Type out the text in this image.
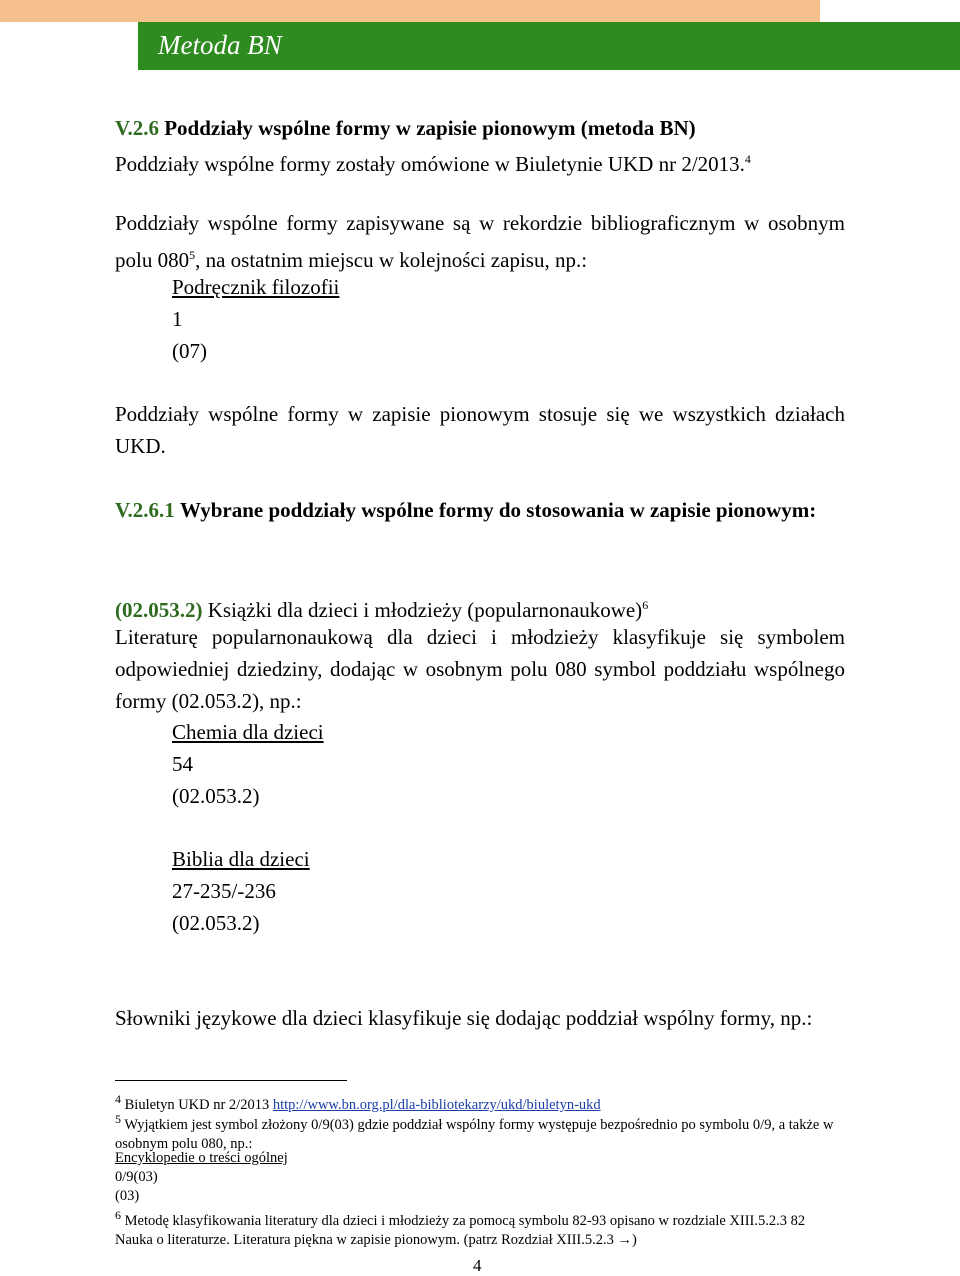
Metoda BN
V.2.6 Poddziały wspólne formy w zapisie pionowym (metoda BN)
Poddziały wspólne formy zostały omówione w Biuletynie UKD nr 2/2013.$^4$
Poddziały wspólne formy zapisywane są w rekordzie bibliograficznym w osobnym polu $080^5$, na ostatnim miejscu w kolejności zapisu, np.:
Podręcznik filozofii
1
(07)
Poddziały wspólne formy w zapisie pionowym stosuje się we wszystkich działach UKD.
V.2.6.1 Wybrane poddziały wspólne formy do stosowania w zapisie pionowym:
(02.053.2) Książki dla dzieci i młodzieży (popularnonaukowe)$^6$
Literaturę popularnonaukową dla dzieci i młodzieży klasyfikuje się symbolem odpowiedniej dziedziny, dodając w osobnym polu 080 symbol poddziału wspólnego formy (02.053.2), np.:
Chemia dla dzieci
54
(02.053.2)
Biblia dla dzieci
27-235/-236
(02.053.2)
Słowniki językowe dla dzieci klasyfikuje się dodając poddział wspólny formy, np.:
$^4$ Biuletyn UKD nr 2/2013 http://www.bn.org.pl/dla-bibliotekarzy/ukd/biuletyn-ukd
$^5$ Wyjątkiem jest symbol złożony 0/9(03) gdzie poddział wspólny formy występuje bezpośrednio po symbolu 0/9, a także w osobnym polu 080, np.:
Encyklopedie o treści ogólnej
0/9(03)
(03)
$^6$ Metodę klasyfikowania literatury dla dzieci i młodzieży za pomocą symbolu 82-93 opisano w rozdziale XIII.5.2.3 82 Nauka o literaturze. Literatura piękna w zapisie pionowym. (patrz Rozdział XIII.5.2.3 →)
4
